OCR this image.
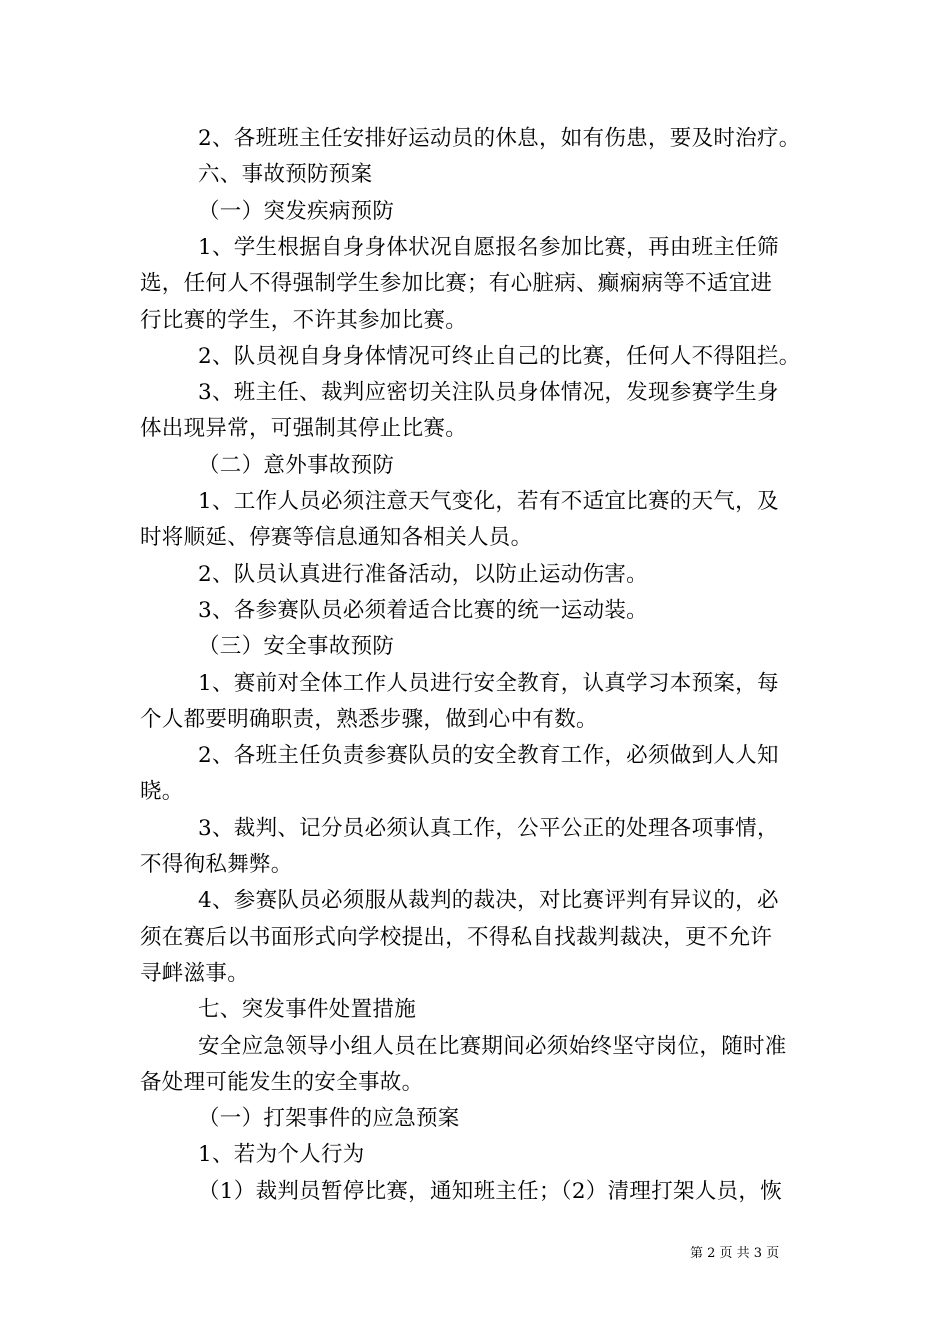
2、各班班主任安排好运动员的休息，如有伤患，要及时治疗。
六、事故预防预案
（一）突发疾病预防
1、学生根据自身身体状况自愿报名参加比赛，再由班主任筛
选，任何人不得强制学生参加比赛；有心脏病、癫痫病等不适宜进
行比赛的学生，不许其参加比赛。
2、队员视自身身体情况可终止自己的比赛，任何人不得阻拦。
3、班主任、裁判应密切关注队员身体情况，发现参赛学生身
体出现异常，可强制其停止比赛。
（二）意外事故预防
1、工作人员必须注意天气变化，若有不适宜比赛的天气，及
时将顺延、停赛等信息通知各相关人员。
2、队员认真进行准备活动，以防止运动伤害。
3、各参赛队员必须着适合比赛的统一运动装。
（三）安全事故预防
1、赛前对全体工作人员进行安全教育，认真学习本预案，每
个人都要明确职责，熟悉步骤，做到心中有数。
2、各班主任负责参赛队员的安全教育工作，必须做到人人知
晓。
3、裁判、记分员必须认真工作，公平公正的处理各项事情，
不得徇私舞弊。
4、参赛队员必须服从裁判的裁决，对比赛评判有异议的，必
须在赛后以书面形式向学校提出，不得私自找裁判裁决，更不允许
寻衅滋事。
七、突发事件处置措施
安全应急领导小组人员在比赛期间必须始终坚守岗位，随时准
备处理可能发生的安全事故。
（一）打架事件的应急预案
1、若为个人行为
（1）裁判员暂停比赛，通知班主任；（2）清理打架人员，恢
第 2 页 共 3 页
